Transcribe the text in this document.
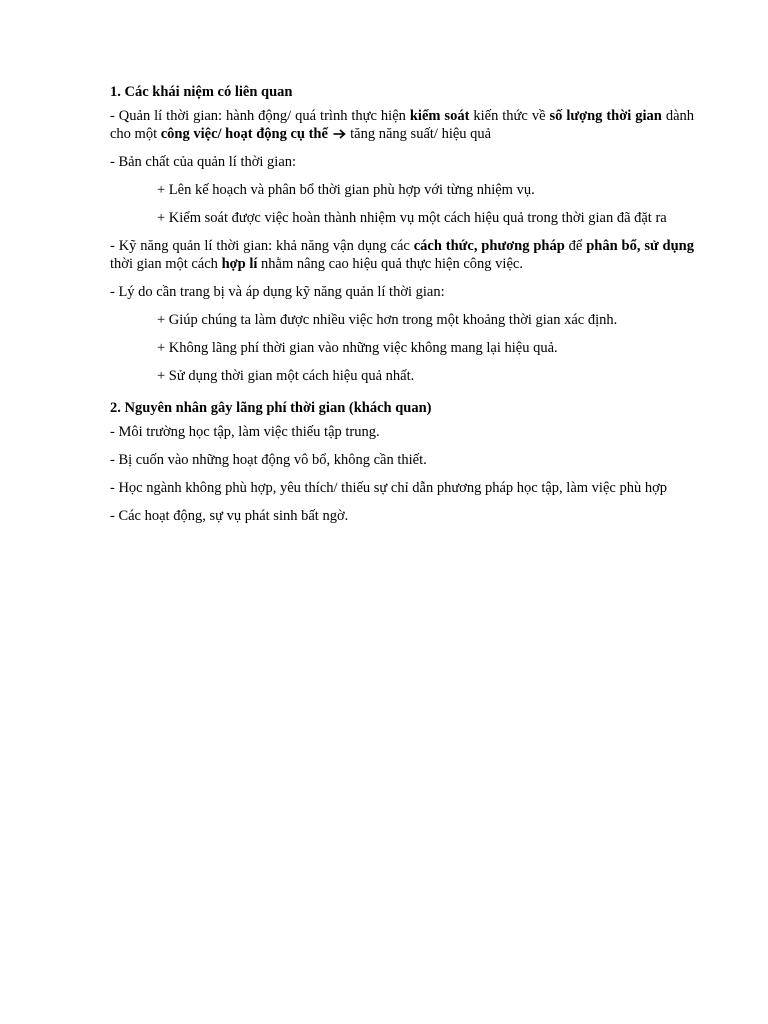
1. Các khái niệm có liên quan

- Quản lí thời gian: hành động/ quá trình thực hiện kiểm soát kiến thức về số lượng thời gian dành cho một công việc/ hoạt động cụ thể  tăng năng suất/ hiệu quả

- Bản chất của quản lí thời gian:

+ Lên kế hoạch và phân bổ thời gian phù hợp với từng nhiệm vụ.

+ Kiểm soát được việc hoàn thành nhiệm vụ một cách hiệu quả trong thời gian đã đặt ra

- Kỹ năng quản lí thời gian: khả năng vận dụng các cách thức, phương pháp để phân bổ, sử dụng thời gian một cách hợp lí nhằm nâng cao hiệu quả thực hiện công việc.

- Lý do cần trang bị và áp dụng kỹ năng quản lí thời gian:

+ Giúp chúng ta làm được nhiều việc hơn trong một khoảng thời gian xác định.

+ Không lãng phí thời gian vào những việc không mang lại hiệu quả.

+ Sử dụng thời gian một cách hiệu quả nhất.

2. Nguyên nhân gây lãng phí thời gian (khách quan)

- Môi trường học tập, làm việc thiếu tập trung.

- Bị cuốn vào những hoạt động vô bổ, không cần thiết.

- Học ngành không phù hợp, yêu thích/ thiếu sự chỉ dẫn phương pháp học tập, làm việc phù hợp

- Các hoạt động, sự vụ phát sinh bất ngờ.
